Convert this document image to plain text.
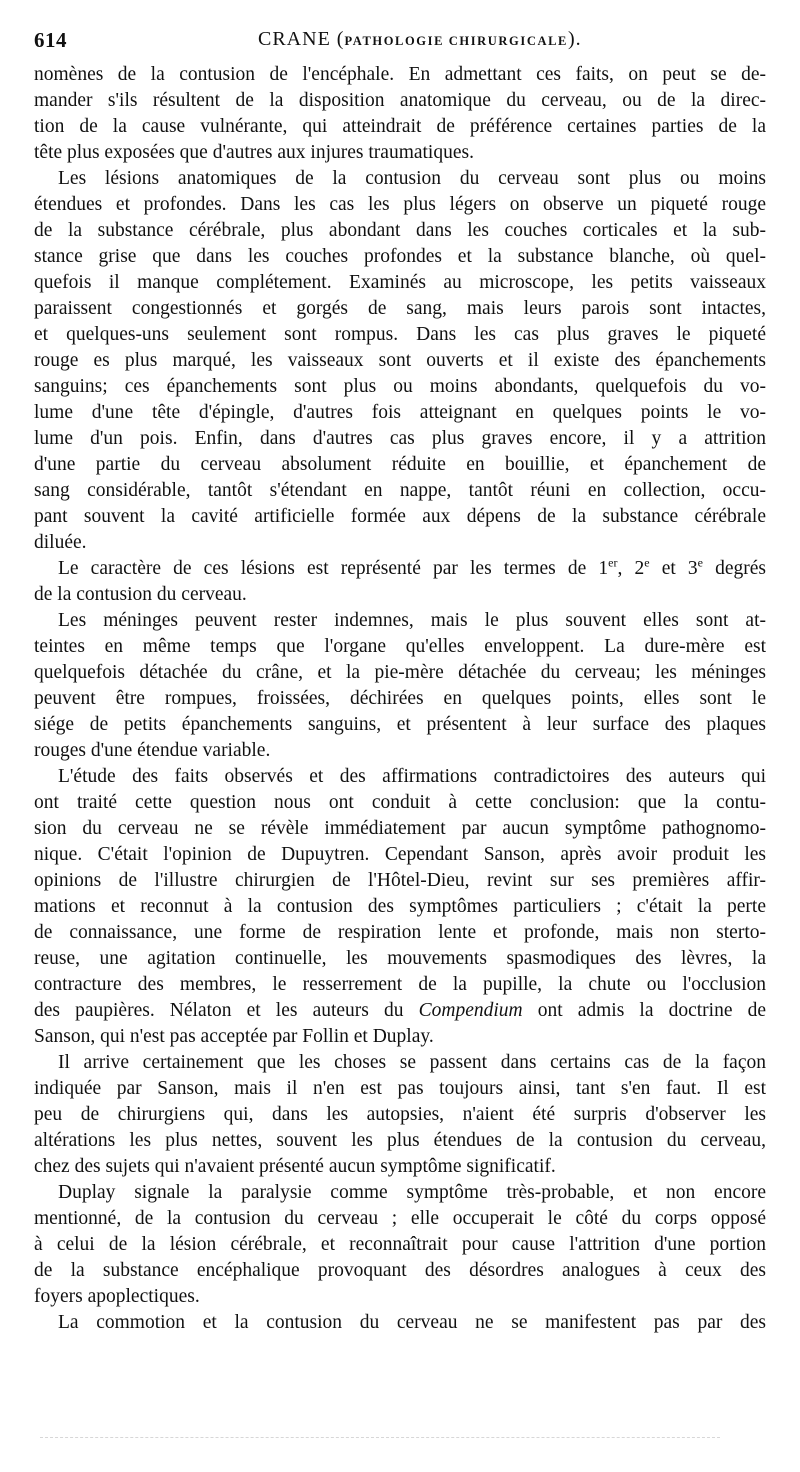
614	CRANE (PATHOLOGIE CHIRURGICALE).
nomènes de la contusion de l'encéphale. En admettant ces faits, on peut se de-
mander s'ils résultent de la disposition anatomique du cerveau, ou de la direc-
tion de la cause vulnérante, qui atteindrait de préférence certaines parties de la
tête plus exposées que d'autres aux injures traumatiques.
Les lésions anatomiques de la contusion du cerveau sont plus ou moins
étendues et profondes. Dans les cas les plus légers on observe un piqueté rouge
de la substance cérébrale, plus abondant dans les couches corticales et la sub-
stance grise que dans les couches profondes et la substance blanche, où quel-
quefois il manque complétement. Examinés au microscope, les petits vaisseaux
paraissent congestionnés et gorgés de sang, mais leurs parois sont intactes,
et quelques-uns seulement sont rompus. Dans les cas plus graves le piqueté
rouge es plus marqué, les vaisseaux sont ouverts et il existe des épanchements
sanguins; ces épanchements sont plus ou moins abondants, quelquefois du vo-
lume d'une tête d'épingle, d'autres fois atteignant en quelques points le vo-
lume d'un pois. Enfin, dans d'autres cas plus graves encore, il y a attrition
d'une partie du cerveau absolument réduite en bouillie, et épanchement de
sang considérable, tantôt s'étendant en nappe, tantôt réuni en collection, occu-
pant souvent la cavité artificielle formée aux dépens de la substance cérébrale
diluée.
Le caractère de ces lésions est représenté par les termes de 1er, 2e et 3e degrés
de la contusion du cerveau.
Les méninges peuvent rester indemnes, mais le plus souvent elles sont at-
teintes en même temps que l'organe qu'elles enveloppent. La dure-mère est
quelquefois détachée du crâne, et la pie-mère détachée du cerveau; les méninges
peuvent être rompues, froissées, déchirées en quelques points, elles sont le
siége de petits épanchements sanguins, et présentent à leur surface des plaques
rouges d'une étendue variable.
L'étude des faits observés et des affirmations contradictoires des auteurs qui
ont traité cette question nous ont conduit à cette conclusion: que la contu-
sion du cerveau ne se révèle immédiatement par aucun symptôme pathognomo-
nique. C'était l'opinion de Dupuytren. Cependant Sanson, après avoir produit les
opinions de l'illustre chirurgien de l'Hôtel-Dieu, revint sur ses premières affir-
mations et reconnut à la contusion des symptômes particuliers ; c'était la perte
de connaissance, une forme de respiration lente et profonde, mais non sterto-
reuse, une agitation continuelle, les mouvements spasmodiques des lèvres, la
contracture des membres, le resserrement de la pupille, la chute ou l'occlusion
des paupières. Nélaton et les auteurs du Compendium ont admis la doctrine de
Sanson, qui n'est pas acceptée par Follin et Duplay.
Il arrive certainement que les choses se passent dans certains cas de la façon
indiquée par Sanson, mais il n'en est pas toujours ainsi, tant s'en faut. Il est
peu de chirurgiens qui, dans les autopsies, n'aient été surpris d'observer les
altérations les plus nettes, souvent les plus étendues de la contusion du cerveau,
chez des sujets qui n'avaient présenté aucun symptôme significatif.
Duplay signale la paralysie comme symptôme très-probable, et non encore
mentionné, de la contusion du cerveau ; elle occuperait le côté du corps opposé
à celui de la lésion cérébrale, et reconnaîtrait pour cause l'attrition d'une portion
de la substance encéphalique provoquant des désordres analogues à ceux des
foyers apoplectiques.
La commotion et la contusion du cerveau ne se manifestent pas par des
